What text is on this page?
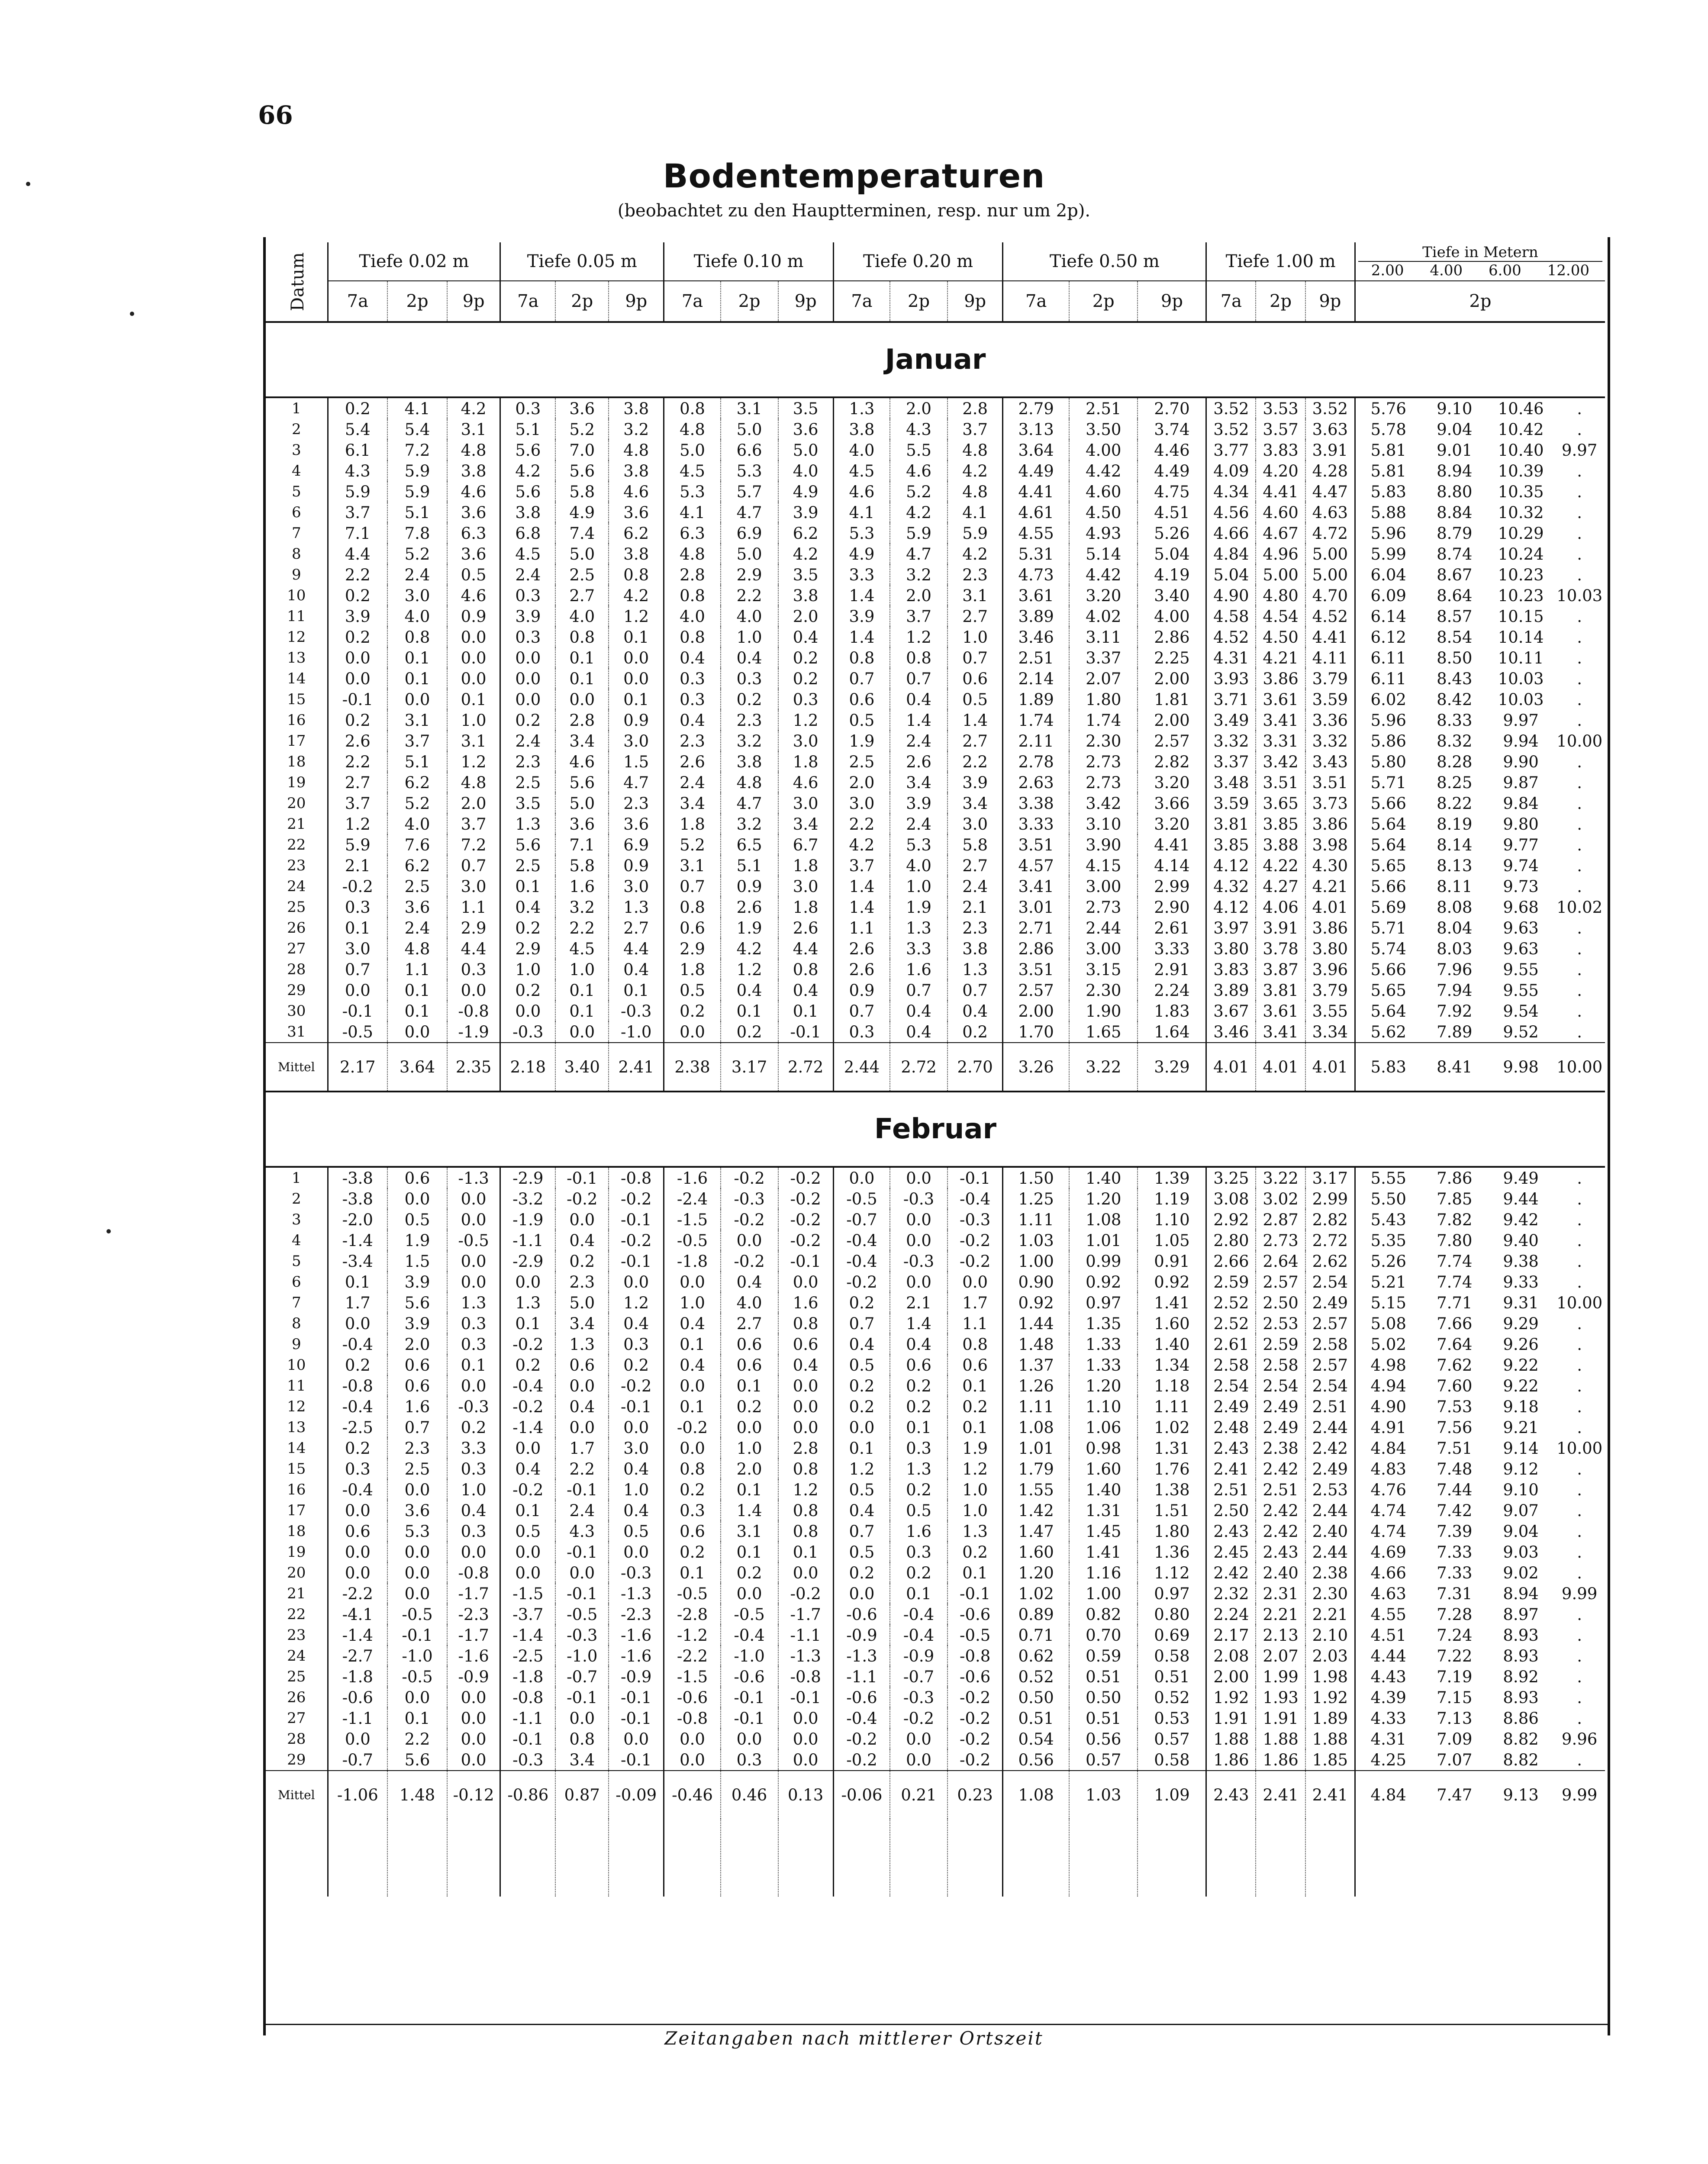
66
Bodentemperaturen
(beobachtet zu den Hauptterminen, resp. nur um 2p).
Datum	Tiefe 0.02 m			Tiefe 0.05 m			Tiefe 0.10 m			Tiefe 0.20 m			Tiefe 0.50 m			Tiefe 1.00 m			Tiefe in Metern
2.00 4.00 6.00 12.00			

	7a	2p	9p	7a	2p	9p	7a	2p	9p	7a	2p	9p	7a	2p	9p	7a	2p	9p	2p			
Januar																						
1	0.2	4.1	4.2	0.3	3.6	3.8	0.8	3.1	3.5	1.3	2.0	2.8	2.79	2.51	2.70	3.52	3.53	3.52	5.76	9.10	10.46	.
2	5.4	5.4	3.1	5.1	5.2	3.2	4.8	5.0	3.6	3.8	4.3	3.7	3.13	3.50	3.74	3.52	3.57	3.63	5.78	9.04	10.42	.
3	6.1	7.2	4.8	5.6	7.0	4.8	5.0	6.6	5.0	4.0	5.5	4.8	3.64	4.00	4.46	3.77	3.83	3.91	5.81	9.01	10.40	9.97
4	4.3	5.9	3.8	4.2	5.6	3.8	4.5	5.3	4.0	4.5	4.6	4.2	4.49	4.42	4.49	4.09	4.20	4.28	5.81	8.94	10.39	.
5	5.9	5.9	4.6	5.6	5.8	4.6	5.3	5.7	4.9	4.6	5.2	4.8	4.41	4.60	4.75	4.34	4.41	4.47	5.83	8.80	10.35	.
6	3.7	5.1	3.6	3.8	4.9	3.6	4.1	4.7	3.9	4.1	4.2	4.1	4.61	4.50	4.51	4.56	4.60	4.63	5.88	8.84	10.32	.
7	7.1	7.8	6.3	6.8	7.4	6.2	6.3	6.9	6.2	5.3	5.9	5.9	4.55	4.93	5.26	4.66	4.67	4.72	5.96	8.79	10.29	.
8	4.4	5.2	3.6	4.5	5.0	3.8	4.8	5.0	4.2	4.9	4.7	4.2	5.31	5.14	5.04	4.84	4.96	5.00	5.99	8.74	10.24	.
9	2.2	2.4	0.5	2.4	2.5	0.8	2.8	2.9	3.5	3.3	3.2	2.3	4.73	4.42	4.19	5.04	5.00	5.00	6.04	8.67	10.23	.
10	0.2	3.0	4.6	0.3	2.7	4.2	0.8	2.2	3.8	1.4	2.0	3.1	3.61	3.20	3.40	4.90	4.80	4.70	6.09	8.64	10.23	10.03
11	3.9	4.0	0.9	3.9	4.0	1.2	4.0	4.0	2.0	3.9	3.7	2.7	3.89	4.02	4.00	4.58	4.54	4.52	6.14	8.57	10.15	.
12	0.2	0.8	0.0	0.3	0.8	0.1	0.8	1.0	0.4	1.4	1.2	1.0	3.46	3.11	2.86	4.52	4.50	4.41	6.12	8.54	10.14	.
13	0.0	0.1	0.0	0.0	0.1	0.0	0.4	0.4	0.2	0.8	0.8	0.7	2.51	3.37	2.25	4.31	4.21	4.11	6.11	8.50	10.11	.
14	0.0	0.1	0.0	0.0	0.1	0.0	0.3	0.3	0.2	0.7	0.7	0.6	2.14	2.07	2.00	3.93	3.86	3.79	6.11	8.43	10.03	.
15	-0.1	0.0	0.1	0.0	0.0	0.1	0.3	0.2	0.3	0.6	0.4	0.5	1.89	1.80	1.81	3.71	3.61	3.59	6.02	8.42	10.03	.
16	0.2	3.1	1.0	0.2	2.8	0.9	0.4	2.3	1.2	0.5	1.4	1.4	1.74	1.74	2.00	3.49	3.41	3.36	5.96	8.33	9.97	.
17	2.6	3.7	3.1	2.4	3.4	3.0	2.3	3.2	3.0	1.9	2.4	2.7	2.11	2.30	2.57	3.32	3.31	3.32	5.86	8.32	9.94	10.00
18	2.2	5.1	1.2	2.3	4.6	1.5	2.6	3.8	1.8	2.5	2.6	2.2	2.78	2.73	2.82	3.37	3.42	3.43	5.80	8.28	9.90	.
19	2.7	6.2	4.8	2.5	5.6	4.7	2.4	4.8	4.6	2.0	3.4	3.9	2.63	2.73	3.20	3.48	3.51	3.51	5.71	8.25	9.87	.
20	3.7	5.2	2.0	3.5	5.0	2.3	3.4	4.7	3.0	3.0	3.9	3.4	3.38	3.42	3.66	3.59	3.65	3.73	5.66	8.22	9.84	.
21	1.2	4.0	3.7	1.3	3.6	3.6	1.8	3.2	3.4	2.2	2.4	3.0	3.33	3.10	3.20	3.81	3.85	3.86	5.64	8.19	9.80	.
22	5.9	7.6	7.2	5.6	7.1	6.9	5.2	6.5	6.7	4.2	5.3	5.8	3.51	3.90	4.41	3.85	3.88	3.98	5.64	8.14	9.77	.
23	2.1	6.2	0.7	2.5	5.8	0.9	3.1	5.1	1.8	3.7	4.0	2.7	4.57	4.15	4.14	4.12	4.22	4.30	5.65	8.13	9.74	.
24	-0.2	2.5	3.0	0.1	1.6	3.0	0.7	0.9	3.0	1.4	1.0	2.4	3.41	3.00	2.99	4.32	4.27	4.21	5.66	8.11	9.73	.
25	0.3	3.6	1.1	0.4	3.2	1.3	0.8	2.6	1.8	1.4	1.9	2.1	3.01	2.73	2.90	4.12	4.06	4.01	5.69	8.08	9.68	10.02
26	0.1	2.4	2.9	0.2	2.2	2.7	0.6	1.9	2.6	1.1	1.3	2.3	2.71	2.44	2.61	3.97	3.91	3.86	5.71	8.04	9.63	.
27	3.0	4.8	4.4	2.9	4.5	4.4	2.9	4.2	4.4	2.6	3.3	3.8	2.86	3.00	3.33	3.80	3.78	3.80	5.74	8.03	9.63	.
28	0.7	1.1	0.3	1.0	1.0	0.4	1.8	1.2	0.8	2.6	1.6	1.3	3.51	3.15	2.91	3.83	3.87	3.96	5.66	7.96	9.55	.
29	0.0	0.1	0.0	0.2	0.1	0.1	0.5	0.4	0.4	0.9	0.7	0.7	2.57	2.30	2.24	3.89	3.81	3.79	5.65	7.94	9.55	.
30	-0.1	0.1	-0.8	0.0	0.1	-0.3	0.2	0.1	0.1	0.7	0.4	0.4	2.00	1.90	1.83	3.67	3.61	3.55	5.64	7.92	9.54	.
31	-0.5	0.0	-1.9	-0.3	0.0	-1.0	0.0	0.2	-0.1	0.3	0.4	0.2	1.70	1.65	1.64	3.46	3.41	3.34	5.62	7.89	9.52	.
Mittel	2.17	3.64	2.35	2.18	3.40	2.41	2.38	3.17	2.72	2.44	2.72	2.70	3.26	3.22	3.29	4.01	4.01	4.01	5.83	8.41	9.98	10.00
Februar																						
1	-3.8	0.6	-1.3	-2.9	-0.1	-0.8	-1.6	-0.2	-0.2	0.0	0.0	-0.1	1.50	1.40	1.39	3.25	3.22	3.17	5.55	7.86	9.49	.
2	-3.8	0.0	0.0	-3.2	-0.2	-0.2	-2.4	-0.3	-0.2	-0.5	-0.3	-0.4	1.25	1.20	1.19	3.08	3.02	2.99	5.50	7.85	9.44	.
3	-2.0	0.5	0.0	-1.9	0.0	-0.1	-1.5	-0.2	-0.2	-0.7	0.0	-0.3	1.11	1.08	1.10	2.92	2.87	2.82	5.43	7.82	9.42	.
4	-1.4	1.9	-0.5	-1.1	0.4	-0.2	-0.5	0.0	-0.2	-0.4	0.0	-0.2	1.03	1.01	1.05	2.80	2.73	2.72	5.35	7.80	9.40	.
5	-3.4	1.5	0.0	-2.9	0.2	-0.1	-1.8	-0.2	-0.1	-0.4	-0.3	-0.2	1.00	0.99	0.91	2.66	2.64	2.62	5.26	7.74	9.38	.
6	0.1	3.9	0.0	0.0	2.3	0.0	0.0	0.4	0.0	-0.2	0.0	0.0	0.90	0.92	0.92	2.59	2.57	2.54	5.21	7.74	9.33	.
7	1.7	5.6	1.3	1.3	5.0	1.2	1.0	4.0	1.6	0.2	2.1	1.7	0.92	0.97	1.41	2.52	2.50	2.49	5.15	7.71	9.31	10.00
8	0.0	3.9	0.3	0.1	3.4	0.4	0.4	2.7	0.8	0.7	1.4	1.1	1.44	1.35	1.60	2.52	2.53	2.57	5.08	7.66	9.29	.
9	-0.4	2.0	0.3	-0.2	1.3	0.3	0.1	0.6	0.6	0.4	0.4	0.8	1.48	1.33	1.40	2.61	2.59	2.58	5.02	7.64	9.26	.
10	0.2	0.6	0.1	0.2	0.6	0.2	0.4	0.6	0.4	0.5	0.6	0.6	1.37	1.33	1.34	2.58	2.58	2.57	4.98	7.62	9.22	.
11	-0.8	0.6	0.0	-0.4	0.0	-0.2	0.0	0.1	0.0	0.2	0.2	0.1	1.26	1.20	1.18	2.54	2.54	2.54	4.94	7.60	9.22	.
12	-0.4	1.6	-0.3	-0.2	0.4	-0.1	0.1	0.2	0.0	0.2	0.2	0.2	1.11	1.10	1.11	2.49	2.49	2.51	4.90	7.53	9.18	.
13	-2.5	0.7	0.2	-1.4	0.0	0.0	-0.2	0.0	0.0	0.0	0.1	0.1	1.08	1.06	1.02	2.48	2.49	2.44	4.91	7.56	9.21	.
14	0.2	2.3	3.3	0.0	1.7	3.0	0.0	1.0	2.8	0.1	0.3	1.9	1.01	0.98	1.31	2.43	2.38	2.42	4.84	7.51	9.14	10.00
15	0.3	2.5	0.3	0.4	2.2	0.4	0.8	2.0	0.8	1.2	1.3	1.2	1.79	1.60	1.76	2.41	2.42	2.49	4.83	7.48	9.12	.
16	-0.4	0.0	1.0	-0.2	-0.1	1.0	0.2	0.1	1.2	0.5	0.2	1.0	1.55	1.40	1.38	2.51	2.51	2.53	4.76	7.44	9.10	.
17	0.0	3.6	0.4	0.1	2.4	0.4	0.3	1.4	0.8	0.4	0.5	1.0	1.42	1.31	1.51	2.50	2.42	2.44	4.74	7.42	9.07	.
18	0.6	5.3	0.3	0.5	4.3	0.5	0.6	3.1	0.8	0.7	1.6	1.3	1.47	1.45	1.80	2.43	2.42	2.40	4.74	7.39	9.04	.
19	0.0	0.0	0.0	0.0	-0.1	0.0	0.2	0.1	0.1	0.5	0.3	0.2	1.60	1.41	1.36	2.45	2.43	2.44	4.69	7.33	9.03	.
20	0.0	0.0	-0.8	0.0	0.0	-0.3	0.1	0.2	0.0	0.2	0.2	0.1	1.20	1.16	1.12	2.42	2.40	2.38	4.66	7.33	9.02	.
21	-2.2	0.0	-1.7	-1.5	-0.1	-1.3	-0.5	0.0	-0.2	0.0	0.1	-0.1	1.02	1.00	0.97	2.32	2.31	2.30	4.63	7.31	8.94	9.99
22	-4.1	-0.5	-2.3	-3.7	-0.5	-2.3	-2.8	-0.5	-1.7	-0.6	-0.4	-0.6	0.89	0.82	0.80	2.24	2.21	2.21	4.55	7.28	8.97	.
23	-1.4	-0.1	-1.7	-1.4	-0.3	-1.6	-1.2	-0.4	-1.1	-0.9	-0.4	-0.5	0.71	0.70	0.69	2.17	2.13	2.10	4.51	7.24	8.93	.
24	-2.7	-1.0	-1.6	-2.5	-1.0	-1.6	-2.2	-1.0	-1.3	-1.3	-0.9	-0.8	0.62	0.59	0.58	2.08	2.07	2.03	4.44	7.22	8.93	.
25	-1.8	-0.5	-0.9	-1.8	-0.7	-0.9	-1.5	-0.6	-0.8	-1.1	-0.7	-0.6	0.52	0.51	0.51	2.00	1.99	1.98	4.43	7.19	8.92	.
26	-0.6	0.0	0.0	-0.8	-0.1	-0.1	-0.6	-0.1	-0.1	-0.6	-0.3	-0.2	0.50	0.50	0.52	1.92	1.93	1.92	4.39	7.15	8.93	.
27	-1.1	0.1	0.0	-1.1	0.0	-0.1	-0.8	-0.1	0.0	-0.4	-0.2	-0.2	0.51	0.51	0.53	1.91	1.91	1.89	4.33	7.13	8.86	.
28	0.0	2.2	0.0	-0.1	0.8	0.0	0.0	0.0	0.0	-0.2	0.0	-0.2	0.54	0.56	0.57	1.88	1.88	1.88	4.31	7.09	8.82	9.96
29	-0.7	5.6	0.0	-0.3	3.4	-0.1	0.0	0.3	0.0	-0.2	0.0	-0.2	0.56	0.57	0.58	1.86	1.86	1.85	4.25	7.07	8.82	.
Mittel	-1.06	1.48	-0.12	-0.86	0.87	-0.09	-0.46	0.46	0.13	-0.06	0.21	0.23	1.08	1.03	1.09	2.43	2.41	2.41	4.84	7.47	9.13	9.99

Zeitangaben nach mittlerer Ortszeit
